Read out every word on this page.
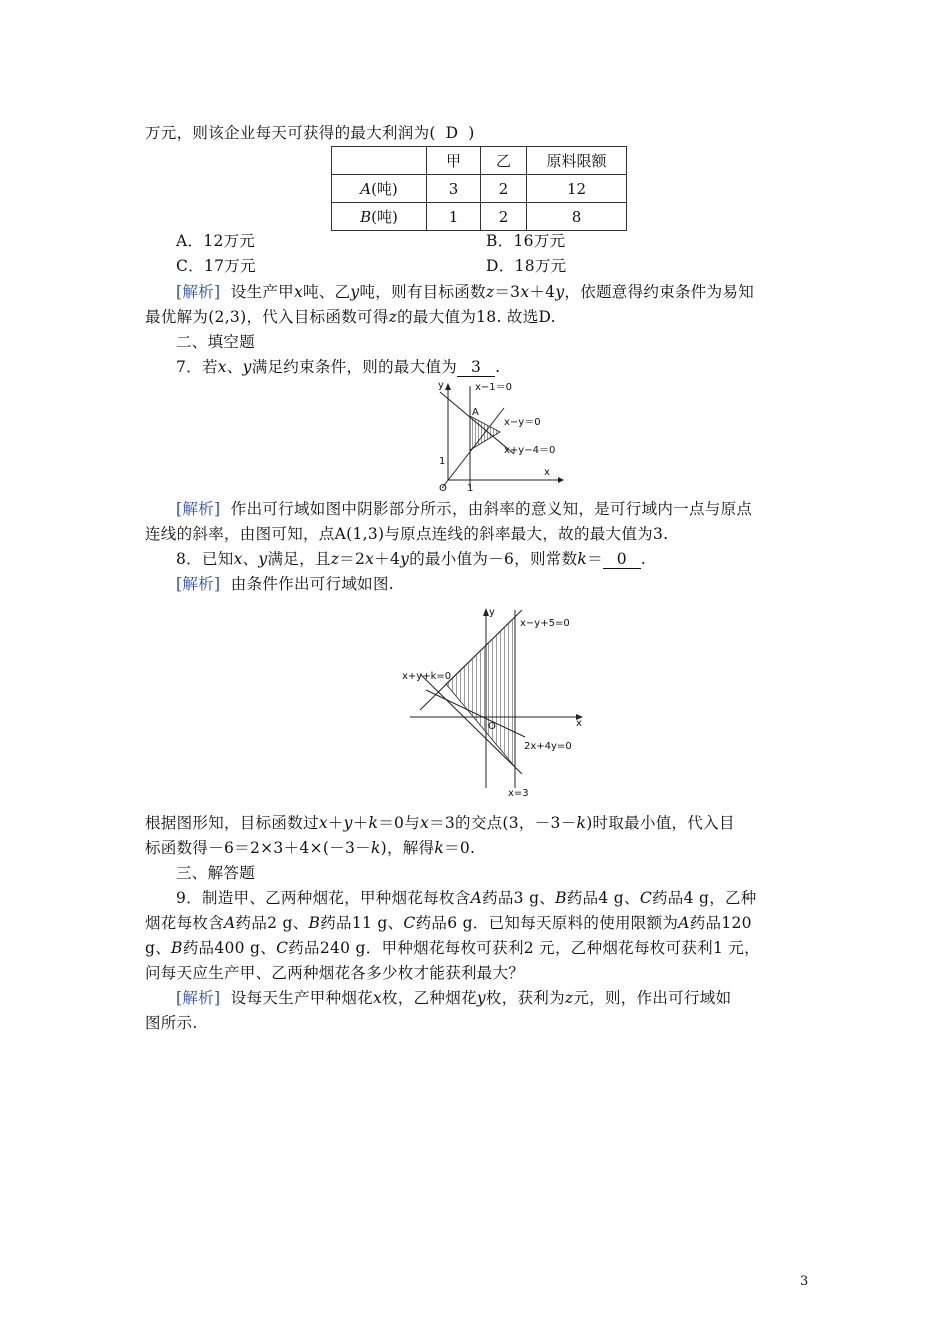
万元，则该企业每天可获得的最大利润为( D )
	甲	乙	原料限额
A(吨)	3	2	12
B(吨)	1	2	8
A．12万元	B．16万元
C．17万元	D．18万元
[解析] 设生产甲x吨、乙y吨，则有目标函数z＝3x＋4y，依题意得约束条件为易知
最优解为(2,3)，代入目标函数可得z的最大值为18. 故选D.
二、填空题
7．若x、y满足约束条件，则的最大值为 3 .
y
x
O 1
1
A
x−1＝0
x−y＝0
x+y−4＝0
[解析] 作出可行域如图中阴影部分所示，由斜率的意义知，是可行域内一点与原点
连线的斜率，由图可知，点A(1,3)与原点连线的斜率最大，故的最大值为3.
8．已知x、y满足，且z＝2x＋4y的最小值为－6，则常数k＝ 0 .
[解析] 由条件作出可行域如图.
y
x
O
x−y+5=0
x+y+k=0
2x+4y=0
x=3
根据图形知，目标函数过x＋y＋k＝0与x＝3的交点(3，－3－k)时取最小值，代入目
标函数得－6＝2×3＋4×(－3－k)，解得k＝0.
三、解答题
9．制造甲、乙两种烟花，甲种烟花每枚含A药品3 g、B药品4 g、C药品4 g，乙种
烟花每枚含A药品2 g、B药品11 g、C药品6 g．已知每天原料的使用限额为A药品120
g、B药品400 g、C药品240 g．甲种烟花每枚可获利2 元，乙种烟花每枚可获利1 元，
问每天应生产甲、乙两种烟花各多少枚才能获利最大？
[解析] 设每天生产甲种烟花x枚，乙种烟花y枚，获利为z元，则，作出可行域如
图所示.
3
